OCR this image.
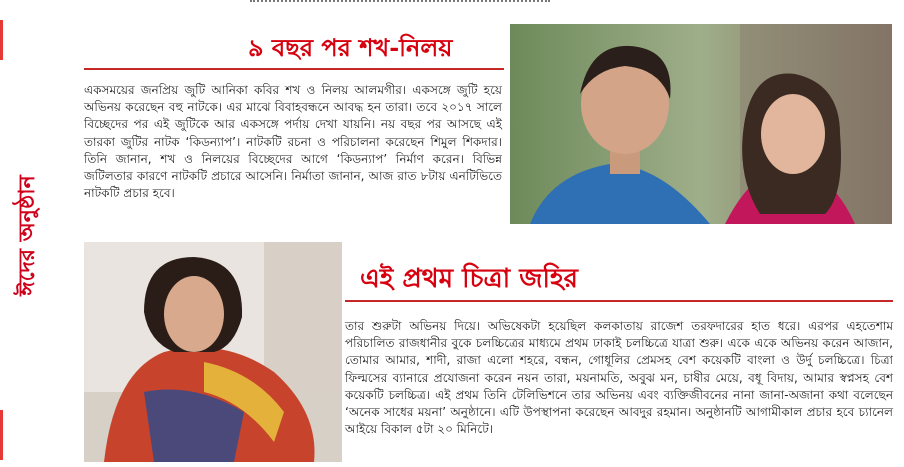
ঈদের অনুষ্ঠান
৯ বছর পর শখ-নিলয়
একসময়ের জনপ্রিয় জুটি আনিকা কবির শখ ও নিলয় আলমগীর। একসঙ্গে জুটি হয়ে অভিনয় করেছেন বহু নাটকে। এর মাঝে বিবাহবন্ধনে আবদ্ধ হন তারা। তবে ২০১৭ সালে বিচ্ছেদের পর এই জুটিকে আর একসঙ্গে পর্দায় দেখা যায়নি। নয় বছর পর আসছে এই তারকা জুটির নাটক ‘কিডন্যাপ’। নাটকটি রচনা ও পরিচালনা করেছেন শিমুল শিকদার। তিনি জানান, শখ ও নিলয়ের বিচ্ছেদের আগে ‘কিডন্যাপ’ নির্মাণ করেন। বিভিন্ন জটিলতার কারণে নাটকটি প্রচারে আসেনি। নির্মাতা জানান, আজ রাত ৮টায় এনটিভিতে নাটকটি প্রচার হবে।
এই প্রথম চিত্রা জহির
তার শুরুটা অভিনয় দিয়ে। অভিষেকটা হয়েছিল কলকাতায় রাজেশ তরফদারের হাত ধরে। এরপর এহতেশাম পরিচালিত রাজধানীর বুকে চলচ্চিত্রের মাধ্যমে প্রথম ঢাকাই চলচ্চিত্রে যাত্রা শুরু। একে একে অভিনয় করেন আজান, তোমার আমার, শাদী, রাজা এলো শহরে, বন্ধন, গোধূলির প্রেমসহ বেশ কয়েকটি বাংলা ও উর্দু চলচ্চিত্রে। চিত্রা ফিল্মসের ব্যানারে প্রযোজনা করেন নয়ন তারা, ময়নামতি, অবুঝ মন, চাষীর মেয়ে, বধূ বিদায়, আমার স্বপ্নসহ বেশ কয়েকটি চলচ্চিত্র। এই প্রথম তিনি টেলিভিশনে তার অভিনয় এবং ব্যক্তিজীবনের নানা জানা-অজানা কথা বলেছেন ‘অনেক সাধের ময়না’ অনুষ্ঠানে। এটি উপস্থাপনা করেছেন আবদুর রহমান। অনুষ্ঠানটি আগামীকাল প্রচার হবে চ্যানেল আইয়ে বিকাল ৫টা ২০ মিনিটে।
